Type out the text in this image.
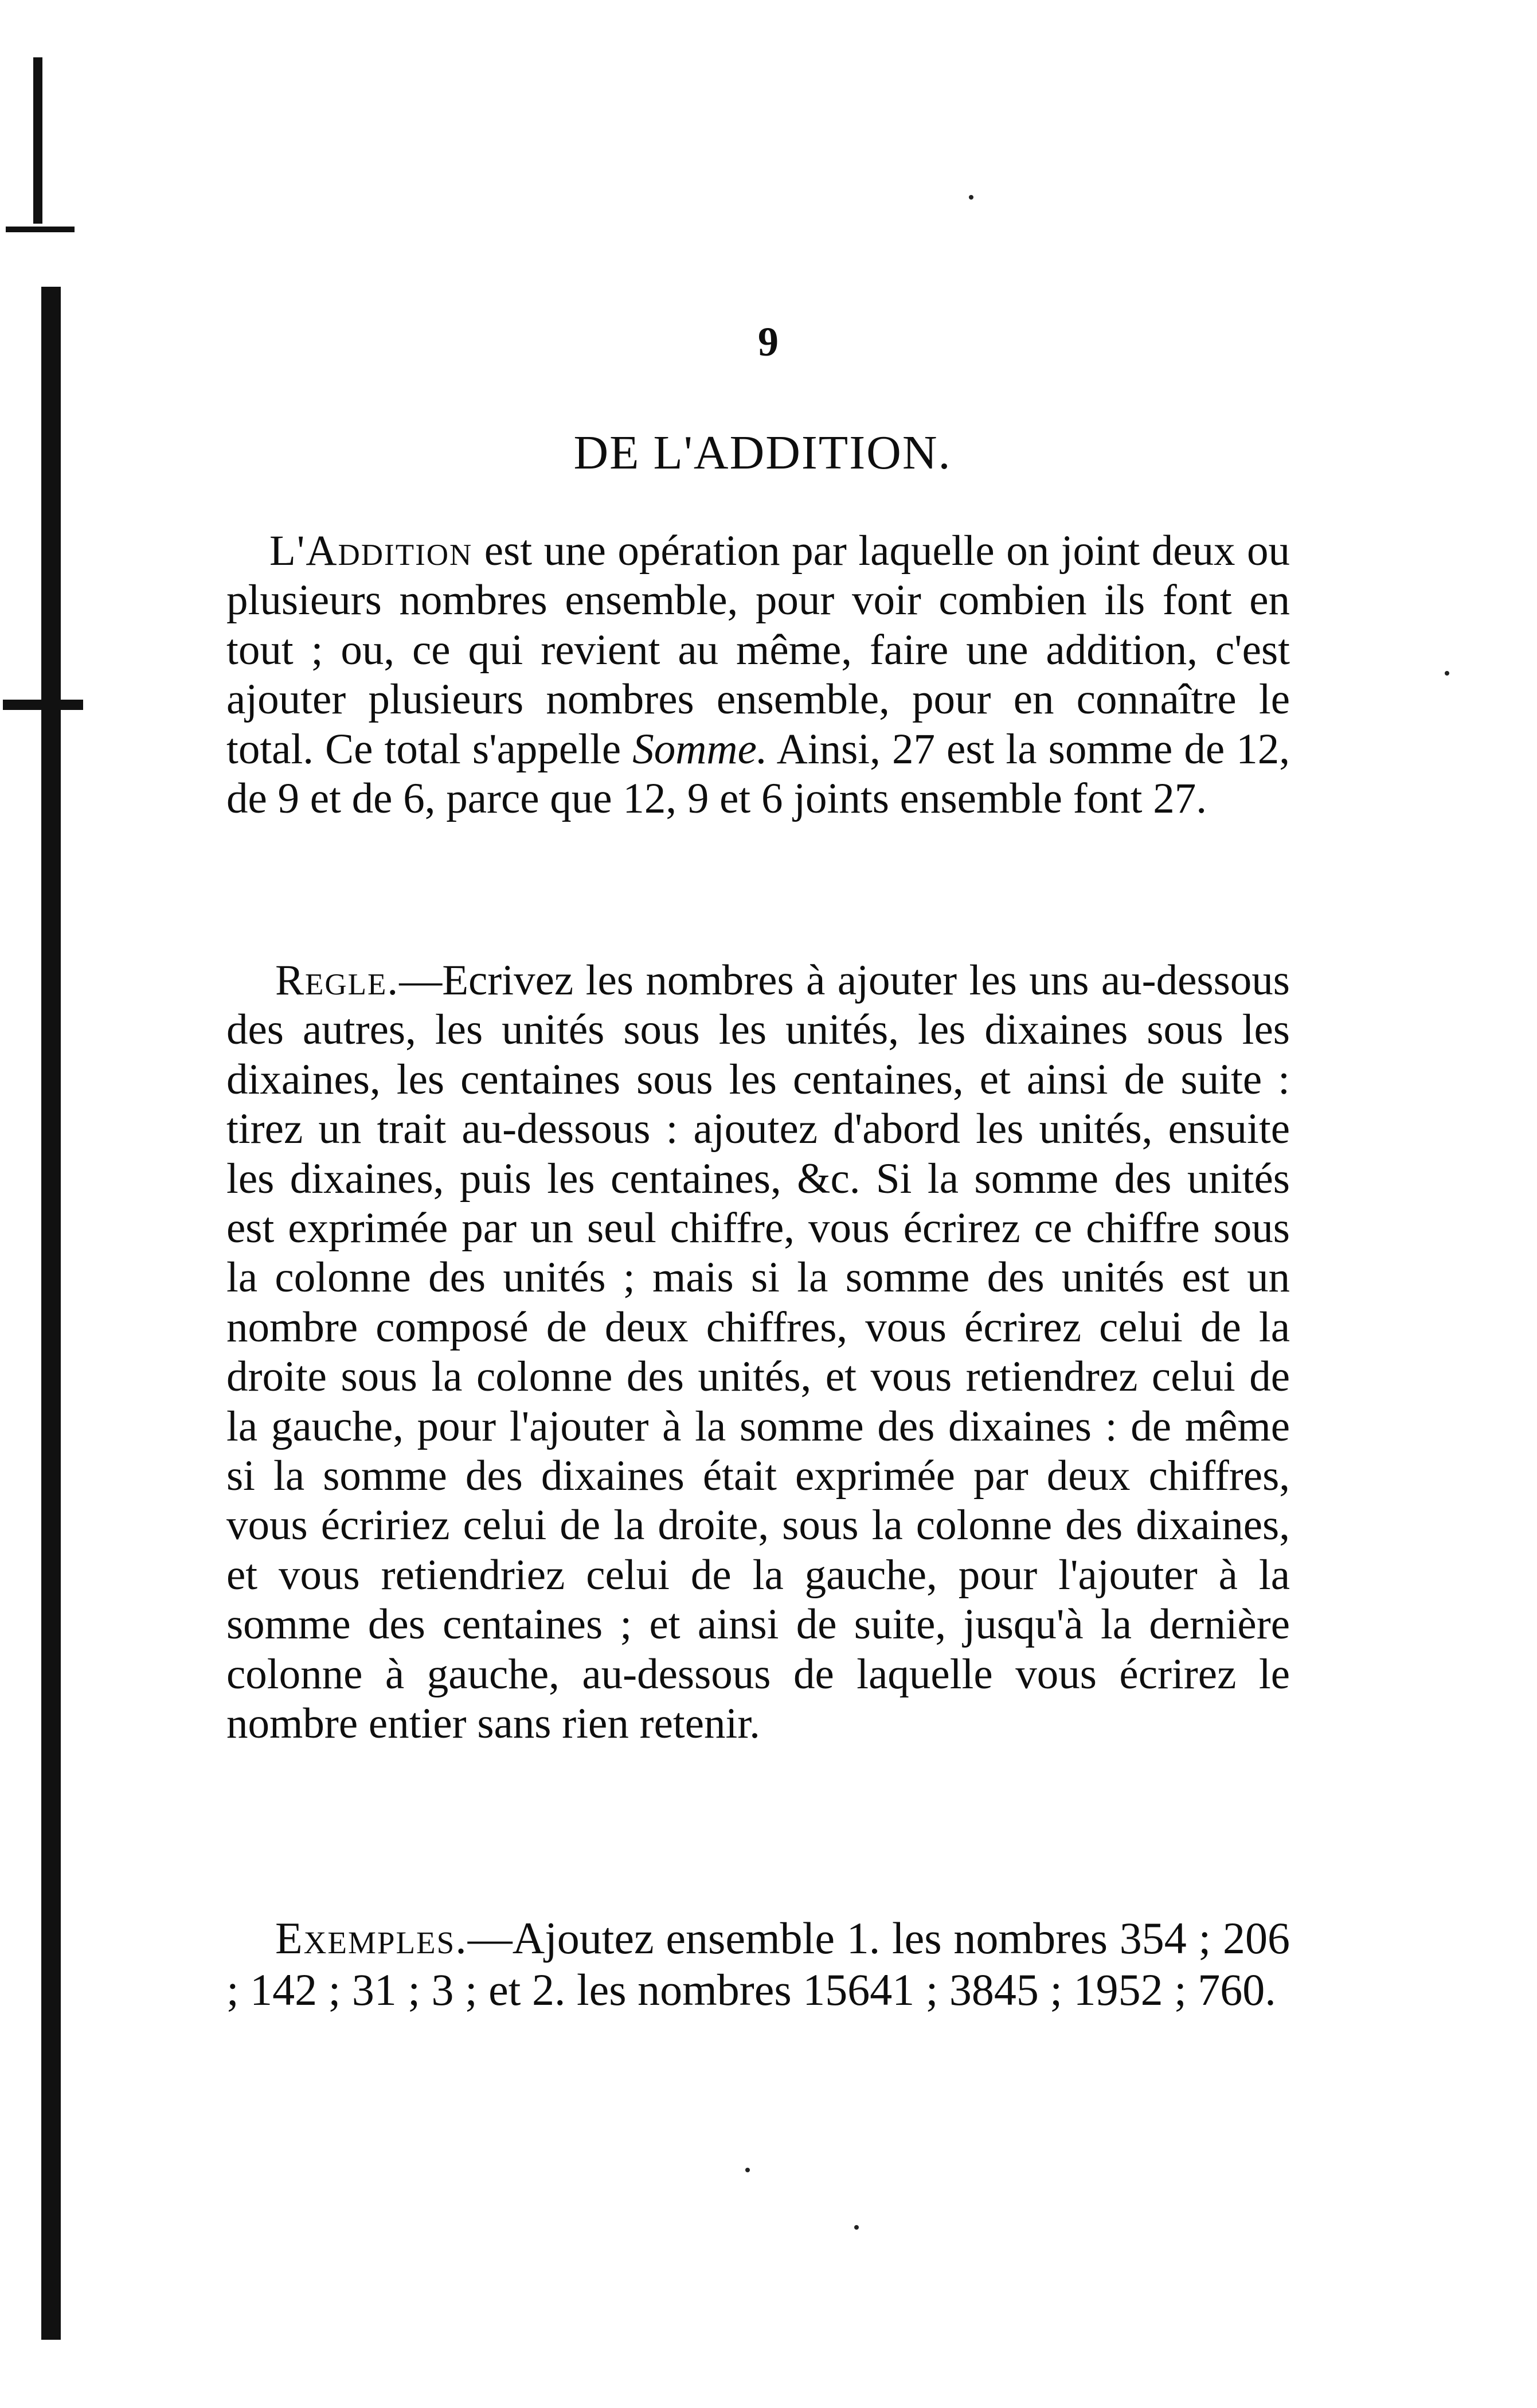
9
DE L'ADDITION.

L'Addition est une opération par laquelle on joint deux ou plusieurs nombres ensemble, pour voir combien ils font en tout ; ou, ce qui revient au même, faire une addition, c'est ajouter plusieurs nombres ensemble, pour en connaître le total. Ce total s'appelle Somme. Ainsi, 27 est la somme de 12, de 9 et de 6, parce que 12, 9 et 6 joints ensemble font 27.

Regle.—Ecrivez les nombres à ajouter les uns au-dessous des autres, les unités sous les unités, les dixaines sous les dixaines, les centaines sous les centaines, et ainsi de suite : tirez un trait au-dessous : ajoutez d'abord les unités, ensuite les dixaines, puis les centaines, &c. Si la somme des unités est exprimée par un seul chiffre, vous écrirez ce chiffre sous la colonne des unités ; mais si la somme des unités est un nombre composé de deux chiffres, vous écrirez celui de la droite sous la colonne des unités, et vous retiendrez celui de la gauche, pour l'ajouter à la somme des dixaines : de même si la somme des dixaines était exprimée par deux chiffres, vous écririez celui de la droite, sous la colonne des dixaines, et vous retiendriez celui de la gauche, pour l'ajouter à la somme des centaines ; et ainsi de suite, jusqu'à la dernière colonne à gauche, au-dessous de laquelle vous écrirez le nombre entier sans rien retenir.

Exemples.—Ajoutez ensemble 1. les nombres 354 ; 206 ; 142 ; 31 ; 3 ; et 2. les nombres 15641 ; 3845 ; 1952 ; 760.
